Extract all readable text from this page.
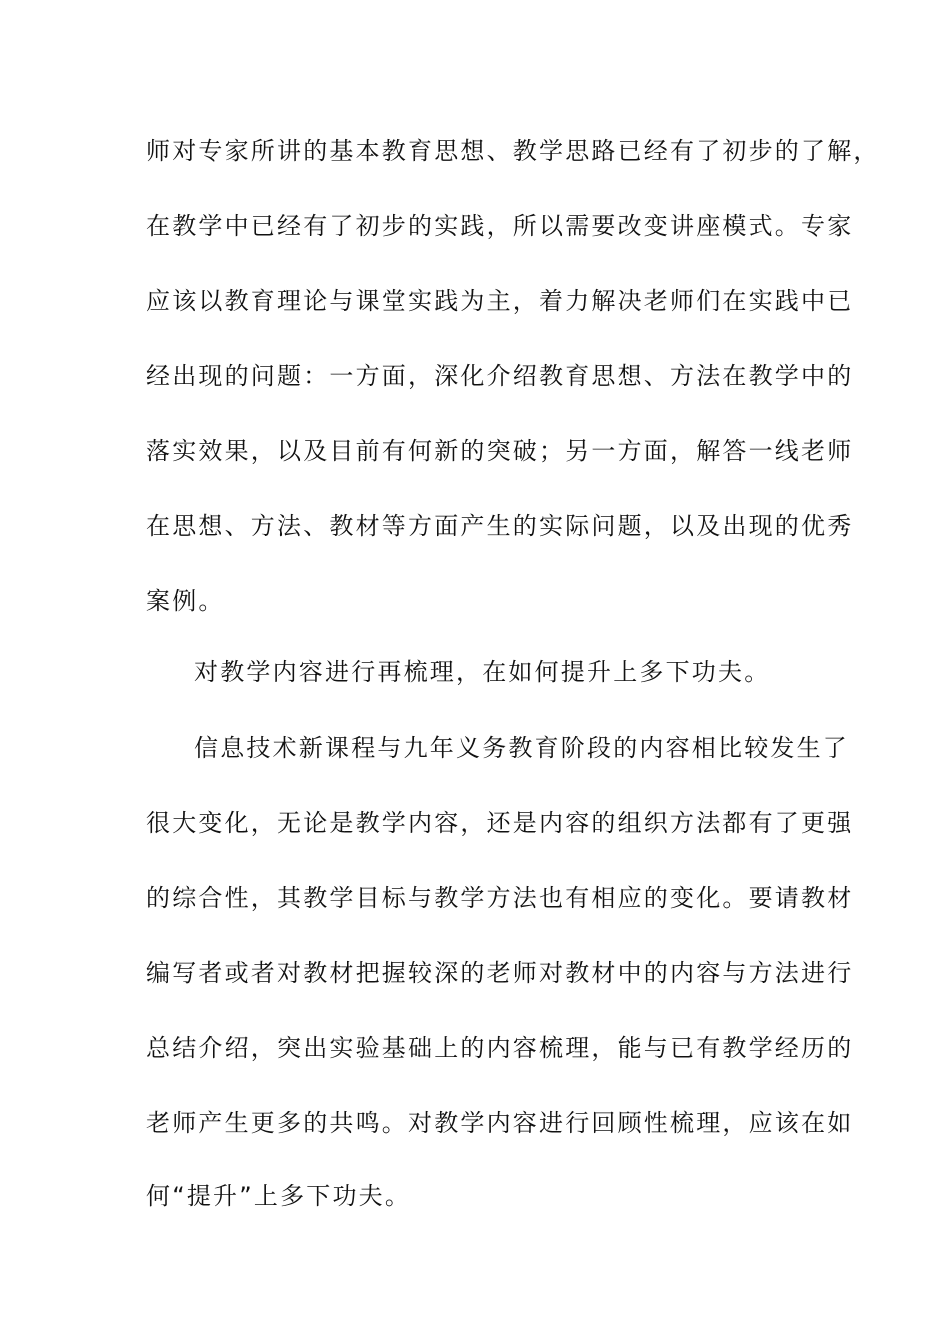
师对专家所讲的基本教育思想、教学思路已经有了初步的了解，
在教学中已经有了初步的实践，所以需要改变讲座模式。专家
应该以教育理论与课堂实践为主，着力解决老师们在实践中已
经出现的问题：一方面，深化介绍教育思想、方法在教学中的
落实效果，以及目前有何新的突破；另一方面，解答一线老师
在思想、方法、教材等方面产生的实际问题，以及出现的优秀
案例。
对教学内容进行再梳理，在如何提升上多下功夫。
信息技术新课程与九年义务教育阶段的内容相比较发生了
很大变化，无论是教学内容，还是内容的组织方法都有了更强
的综合性，其教学目标与教学方法也有相应的变化。要请教材
编写者或者对教材把握较深的老师对教材中的内容与方法进行
总结介绍，突出实验基础上的内容梳理，能与已有教学经历的
老师产生更多的共鸣。对教学内容进行回顾性梳理，应该在如
何“提升”上多下功夫。
